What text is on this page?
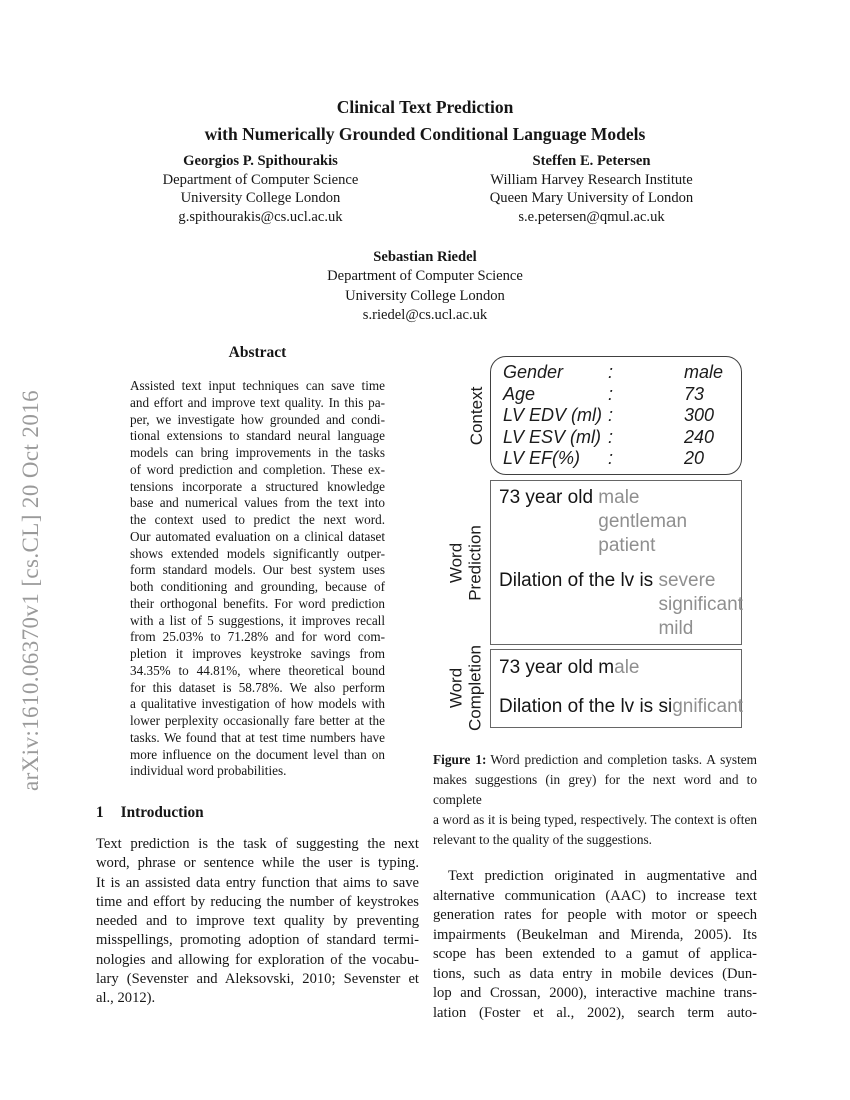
arXiv:1610.06370v1 [cs.CL] 20 Oct 2016
Clinical Text Prediction
with Numerically Grounded Conditional Language Models
Georgios P. Spithourakis
Department of Computer Science
University College London
g.spithourakis@cs.ucl.ac.uk
Steffen E. Petersen
William Harvey Research Institute
Queen Mary University of London
s.e.petersen@qmul.ac.uk
Sebastian Riedel
Department of Computer Science
University College London
s.riedel@cs.ucl.ac.uk
Abstract
Assisted text input techniques can save time
and effort and improve text quality. In this pa-
per, we investigate how grounded and condi-
tional extensions to standard neural language
models can bring improvements in the tasks
of word prediction and completion. These ex-
tensions incorporate a structured knowledge
base and numerical values from the text into
the context used to predict the next word.
Our automated evaluation on a clinical dataset
shows extended models significantly outper-
form standard models. Our best system uses
both conditioning and grounding, because of
their orthogonal benefits. For word prediction
with a list of 5 suggestions, it improves recall
from 25.03% to 71.28% and for word com-
pletion it improves keystroke savings from
34.35% to 44.81%, where theoretical bound
for this dataset is 58.78%. We also perform
a qualitative investigation of how models with
lower perplexity occasionally fare better at the
tasks. We found that at test time numbers have
more influence on the document level than on
individual word probabilities.
1 Introduction
Text prediction is the task of suggesting the next
word, phrase or sentence while the user is typing.
It is an assisted data entry function that aims to save
time and effort by reducing the number of keystrokes
needed and to improve text quality by preventing
misspellings, promoting adoption of standard termi-
nologies and allowing for exploration of the vocabu-
lary (Sevenster and Aleksovski, 2010; Sevenster et
al., 2012).
Context
Gender	:	male
Age	:	73
LV EDV (ml) :	300
LV ESV (ml) :	240
LV EF(%)	:	20
Word Prediction
73 year old male
gentleman
patient
Dilation of the lv is severe
significant
mild
Word Completion 73 year old male
Dilation of the lv is significant
Figure 1: Word prediction and completion tasks. A system
makes suggestions (in grey) for the next word and to complete
a word as it is being typed, respectively. The context is often
relevant to the quality of the suggestions.
Text prediction originated in augmentative and
alternative communication (AAC) to increase text
generation rates for people with motor or speech
impairments (Beukelman and Mirenda, 2005). Its
scope has been extended to a gamut of applica-
tions, such as data entry in mobile devices (Dun-
lop and Crossan, 2000), interactive machine trans-
lation (Foster et al., 2002), search term auto-
